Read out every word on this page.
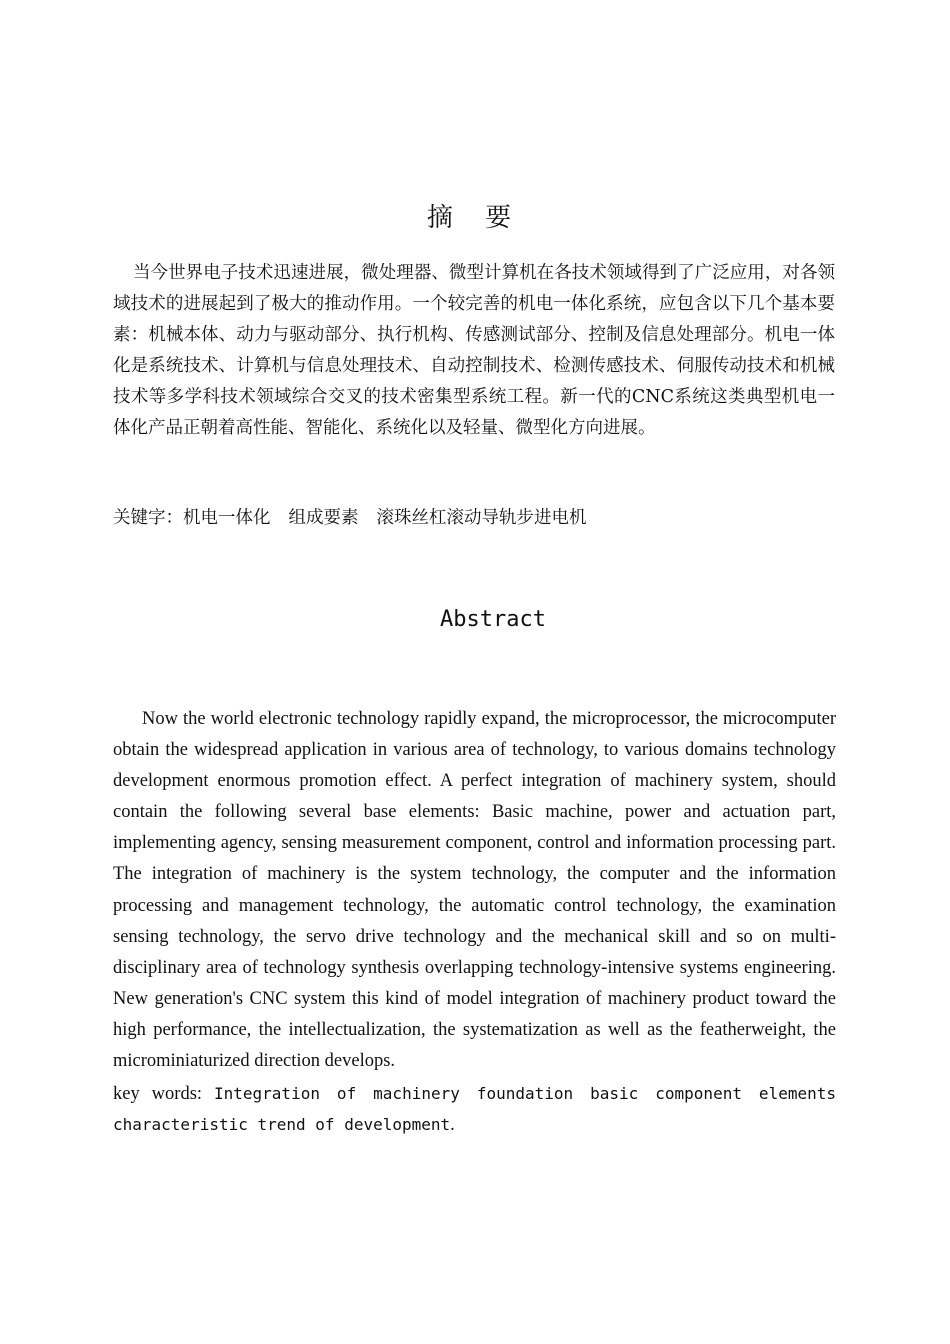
摘 要

当今世界电子技术迅速进展，微处理器、微型计算机在各技术领域得到了广泛应用，对各领域技术的进展起到了极大的推动作用。一个较完善的机电一体化系统，应包含以下几个基本要素：机械本体、动力与驱动部分、执行机构、传感测试部分、控制及信息处理部分。机电一体化是系统技术、计算机与信息处理技术、自动控制技术、检测传感技术、伺服传动技术和机械技术等多学科技术领域综合交叉的技术密集型系统工程。新一代的CNC系统这类典型机电一体化产品正朝着高性能、智能化、系统化以及轻量、微型化方向进展。

关键字：机电一体化 组成要素 滚珠丝杠滚动导轨步进电机
Abstract

Now the world electronic technology rapidly expand, the microprocessor, the microcomputer obtain the widespread application in various area of technology, to various domains technology development enormous promotion effect. A perfect integration of machinery system, should contain the following several base elements: Basic machine, power and actuation part, implementing agency, sensing measurement component, control and information processing part. The integration of machinery is the system technology, the computer and the information processing and management technology, the automatic control technology, the examination sensing technology, the servo drive technology and the mechanical skill and so on multi-disciplinary area of technology synthesis overlapping technology-intensive systems engineering. New generation's CNC system this kind of model integration of machinery product toward the high performance, the intellectualization, the systematization as well as the featherweight, the microminiaturized direction develops.

key words: Integration of machinery foundation basic component elements
characteristic trend of development.
